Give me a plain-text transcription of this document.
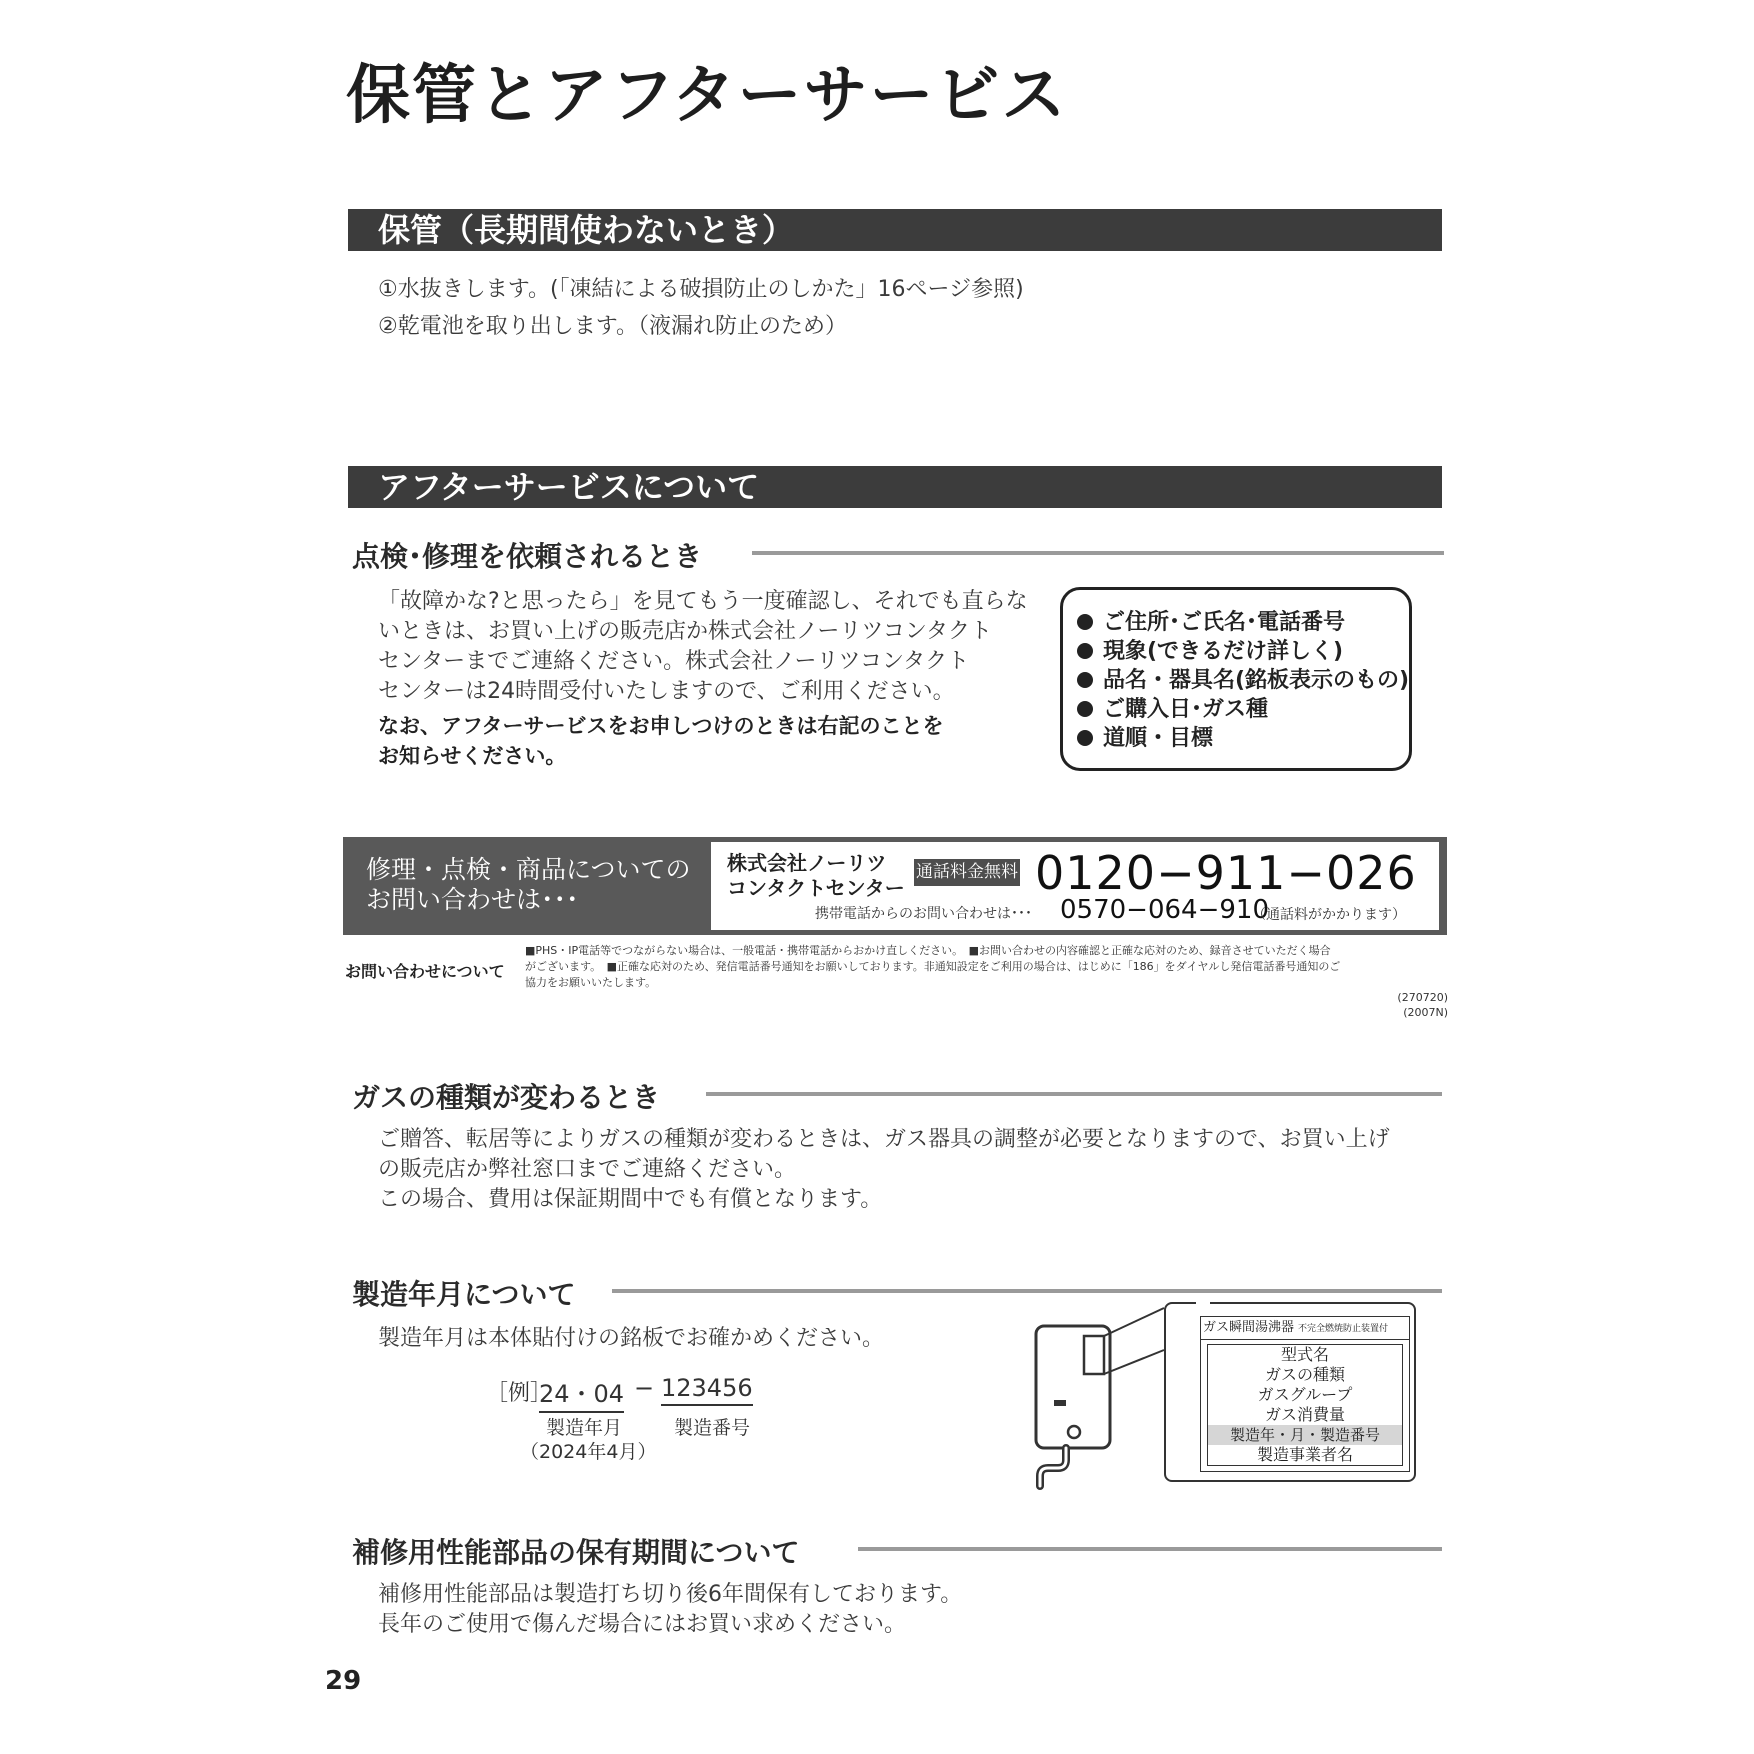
保管とアフターサービス
保管（長期間使わないとき）
①水抜きします。(「凍結による破損防止のしかた」16ページ参照)
②乾電池を取り出します。（液漏れ防止のため）
アフターサービスについて
点検･修理を依頼されるとき
「故障かな?と思ったら」を見てもう一度確認し、それでも直らな
いときは、お買い上げの販売店か株式会社ノーリツコンタクト
センターまでご連絡ください。株式会社ノーリツコンタクト
センターは24時間受付いたしますので、ご利用ください。
なお、アフターサービスをお申しつけのときは右記のことを
お知らせください。
ご住所･ご氏名･電話番号
現象(できるだけ詳しく)
品名・器具名(銘板表示のもの)
ご購入日･ガス種
道順・目標
修理・点検・商品についての
お問い合わせは･･･
株式会社ノーリツ
コンタクトセンター
通話料金無料 0120−911−026
携帯電話からのお問い合わせは･･･ 0570−064−910
（通話料がかかります）
お問い合わせについて
■PHS・IP電話等でつながらない場合は、一般電話・携帯電話からおかけ直しください。　■お問い合わせの内容確認と正確な応対のため、録音させていただく場合
がございます。　■正確な応対のため、発信電話番号通知をお願いしております。非通知設定をご利用の場合は、はじめに「186」をダイヤルし発信電話番号通知のご
協力をお願いいたします。
(270720)
(2007N)
ガスの種類が変わるとき
ご贈答、転居等によりガスの種類が変わるときは、ガス器具の調整が必要となりますので、お買い上げ
の販売店か弊社窓口までご連絡ください。
この場合、費用は保証期間中でも有償となります。
製造年月について
製造年月は本体貼付けの銘板でお確かめください。
［例］
24・04 − 123456
製造年月
（2024年4月）
製造番号
ガス瞬間湯沸器 不完全燃焼防止装置付
型式名
ガスの種類
ガスグループ
ガス消費量
製造年・月・製造番号
製造事業者名
補修用性能部品の保有期間について
補修用性能部品は製造打ち切り後6年間保有しております。
長年のご使用で傷んだ場合にはお買い求めください。
29
